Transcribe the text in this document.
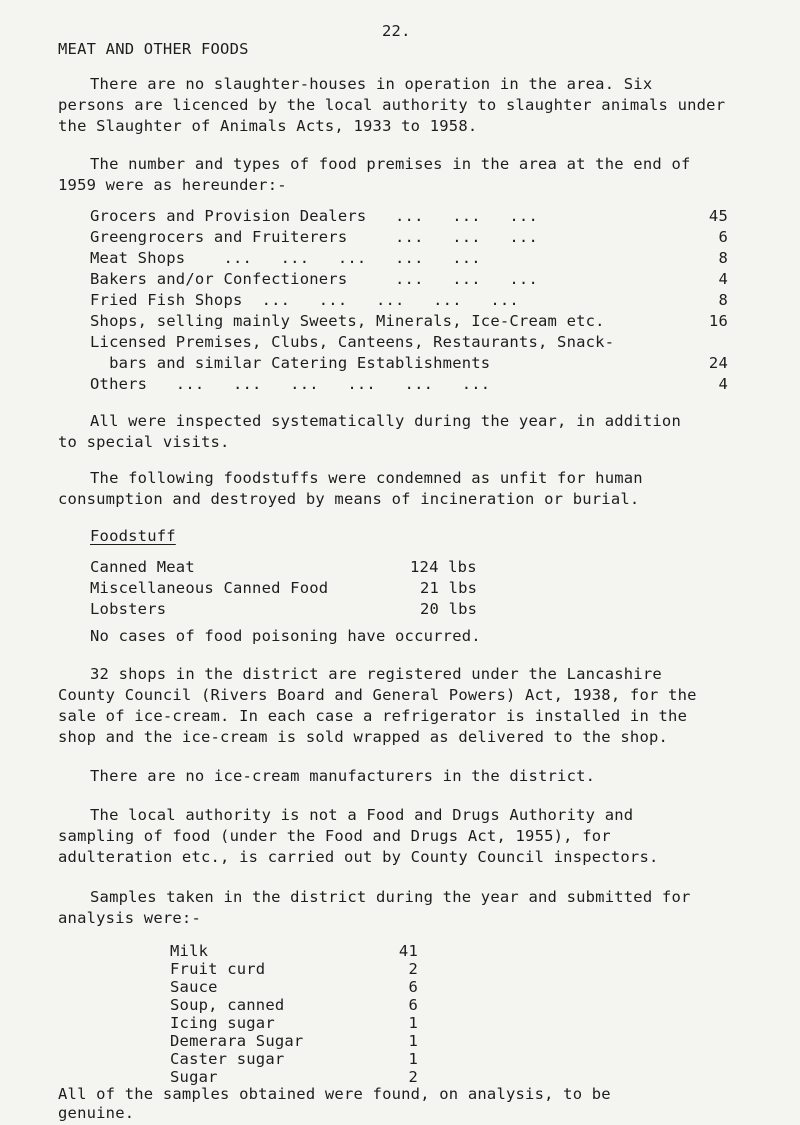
22.
MEAT AND OTHER FOODS
There are no slaughter-houses in operation in the area. Six
persons are licenced by the local authority to slaughter animals under
the Slaughter of Animals Acts, 1933 to 1958.
The number and types of food premises in the area at the end of
1959 were as hereunder:-
Grocers and Provision Dealers   ...   ...   ...	45
Greengrocers and Fruiterers     ...   ...   ...	6
Meat Shops    ...   ...   ...   ...   ...	8
Bakers and/or Confectioners     ...   ...   ...	4
Fried Fish Shops  ...   ...   ...   ...   ...	8
Shops, selling mainly Sweets, Minerals, Ice-Cream etc.	16
Licensed Premises, Clubs, Canteens, Restaurants, Snack-
bars and similar Catering Establishments	24
Others   ...   ...   ...   ...   ...   ...	4
All were inspected systematically during the year, in addition
to special visits.
The following foodstuffs were condemned as unfit for human
consumption and destroyed by means of incineration or burial.
Foodstuff
Canned Meat	124 lbs
Miscellaneous Canned Food	21 lbs
Lobsters	20 lbs
No cases of food poisoning have occurred.
32 shops in the district are registered under the Lancashire
County Council (Rivers Board and General Powers) Act, 1938, for the
sale of ice-cream. In each case a refrigerator is installed in the
shop and the ice-cream is sold wrapped as delivered to the shop.
There are no ice-cream manufacturers in the district.
The local authority is not a Food and Drugs Authority and
sampling of food (under the Food and Drugs Act, 1955), for
adulteration etc., is carried out by County Council inspectors.
Samples taken in the district during the year and submitted for
analysis were:-
Milk	41
Fruit curd	2
Sauce	6
Soup, canned	6
Icing sugar	1
Demerara Sugar	1
Caster sugar	1
Sugar	2
All of the samples obtained were found, on analysis, to be
genuine.
